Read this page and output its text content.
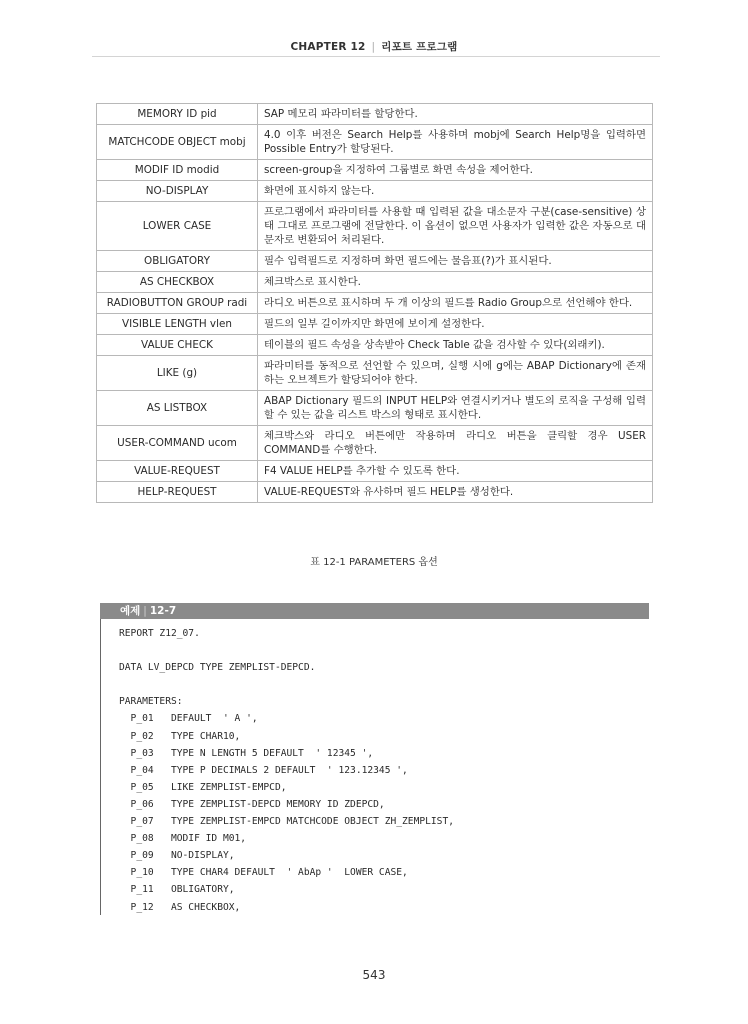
CHAPTER 12 | 리포트 프로그램
MEMORY ID pid	SAP 메모리 파라미터를 할당한다.
MATCHCODE OBJECT mobj	4.0 이후 버전은 Search Help를 사용하며 mobj에 Search Help명을 입력하면 Possible Entry가 할당된다.
MODIF ID modid	screen-group을 지정하여 그룹별로 화면 속성을 제어한다.
NO-DISPLAY	화면에 표시하지 않는다.
LOWER CASE	프로그램에서 파라미터를 사용할 때 입력된 값을 대소문자 구분(case-sensitive) 상태 그대로 프로그램에 전달한다. 이 옵션이 없으면 사용자가 입력한 값은 자동으로 대문자로 변환되어 처리된다.
OBLIGATORY	필수 입력필드로 지정하며 화면 필드에는 물음표(?)가 표시된다.
AS CHECKBOX	체크박스로 표시한다.
RADIOBUTTON GROUP radi	라디오 버튼으로 표시하며 두 개 이상의 필드를 Radio Group으로 선언해야 한다.
VISIBLE LENGTH vlen	필드의 일부 길이까지만 화면에 보이게 설정한다.
VALUE CHECK	테이블의 필드 속성을 상속받아 Check Table 값을 검사할 수 있다(외래키).
LIKE (g)	파라미터를 동적으로 선언할 수 있으며, 실행 시에 g에는 ABAP Dictionary에 존재하는 오브젝트가 할당되어야 한다.
AS LISTBOX	ABAP Dictionary 필드의 INPUT HELP와 연결시키거나 별도의 로직을 구성해 입력할 수 있는 값을 리스트 박스의 형태로 표시한다.
USER-COMMAND ucom	체크박스와 라디오 버튼에만 작용하며 라디오 버튼을 클릭할 경우 USER COMMAND를 수행한다.
VALUE-REQUEST	F4 VALUE HELP를 추가할 수 있도록 한다.
HELP-REQUEST	VALUE-REQUEST와 유사하며 필드 HELP를 생성한다.
표 12-1 PARAMETERS 옵션
예제 | 12-7
REPORT Z12_07.
DATA LV_DEPCD TYPE ZEMPLIST-DEPCD.
PARAMETERS:
P_01   DEFAULT  ' A ',
P_02   TYPE CHAR10,
P_03   TYPE N LENGTH 5 DEFAULT  ' 12345 ',
P_04   TYPE P DECIMALS 2 DEFAULT  ' 123.12345 ',
P_05   LIKE ZEMPLIST-EMPCD,
P_06   TYPE ZEMPLIST-DEPCD MEMORY ID ZDEPCD,
P_07   TYPE ZEMPLIST-EMPCD MATCHCODE OBJECT ZH_ZEMPLIST,
P_08   MODIF ID M01,
P_09   NO-DISPLAY,
P_10   TYPE CHAR4 DEFAULT  ' AbAp '  LOWER CASE,
P_11   OBLIGATORY,
P_12   AS CHECKBOX,
543
